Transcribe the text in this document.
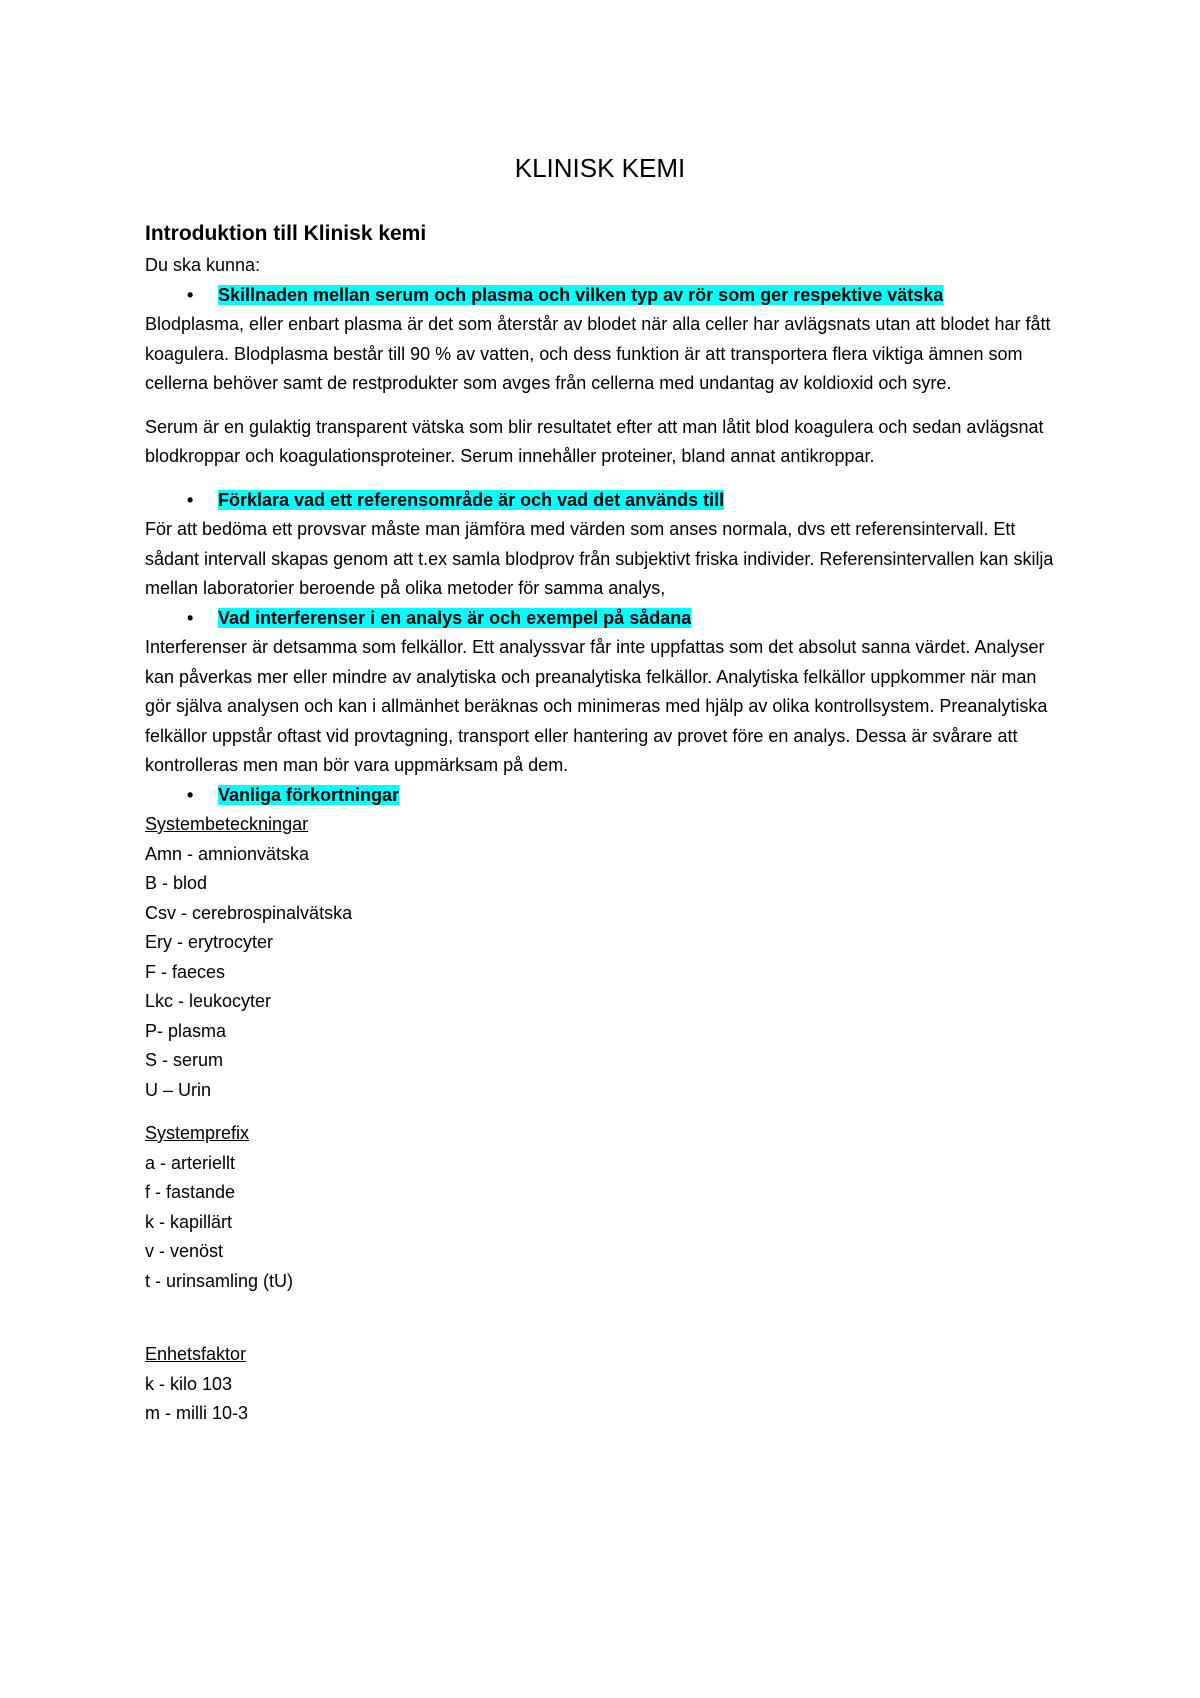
KLINISK KEMI
Introduktion till Klinisk kemi

Du ska kunna:

• Skillnaden mellan serum och plasma och vilken typ av rör som ger respektive vätska

Blodplasma, eller enbart plasma är det som återstår av blodet när alla celler har avlägsnats utan att blodet har fått koagulera. Blodplasma består till 90 % av vatten, och dess funktion är att transportera flera viktiga ämnen som cellerna behöver samt de restprodukter som avges från cellerna med undantag av koldioxid och syre.

Serum är en gulaktig transparent vätska som blir resultatet efter att man låtit blod koagulera och sedan avlägsnat blodkroppar och koagulationsproteiner. Serum innehåller proteiner, bland annat antikroppar.

• Förklara vad ett referensområde är och vad det används till

För att bedöma ett provsvar måste man jämföra med värden som anses normala, dvs ett referensintervall. Ett sådant intervall skapas genom att t.ex samla blodprov från subjektivt friska individer. Referensintervallen kan skilja mellan laboratorier beroende på olika metoder för samma analys,

• Vad interferenser i en analys är och exempel på sådana

Interferenser är detsamma som felkällor. Ett analyssvar får inte uppfattas som det absolut sanna värdet. Analyser kan påverkas mer eller mindre av analytiska och preanalytiska felkällor. Analytiska felkällor uppkommer när man gör själva analysen och kan i allmänhet beräknas och minimeras med hjälp av olika kontrollsystem. Preanalytiska felkällor uppstår oftast vid provtagning, transport eller hantering av provet före en analys. Dessa är svårare att kontrolleras men man bör vara uppmärksam på dem.

• Vanliga förkortningar

Systembeteckningar

Amn - amnionvätska

B - blod

Csv - cerebrospinalvätska

Ery - erytrocyter

F - faeces

Lkc - leukocyter

P- plasma

S - serum

U – Urin

Systemprefix

a - arteriellt

f - fastande

k - kapillärt

v - venöst

t - urinsamling (tU)

Enhetsfaktor

k - kilo 103

m - milli 10-3
